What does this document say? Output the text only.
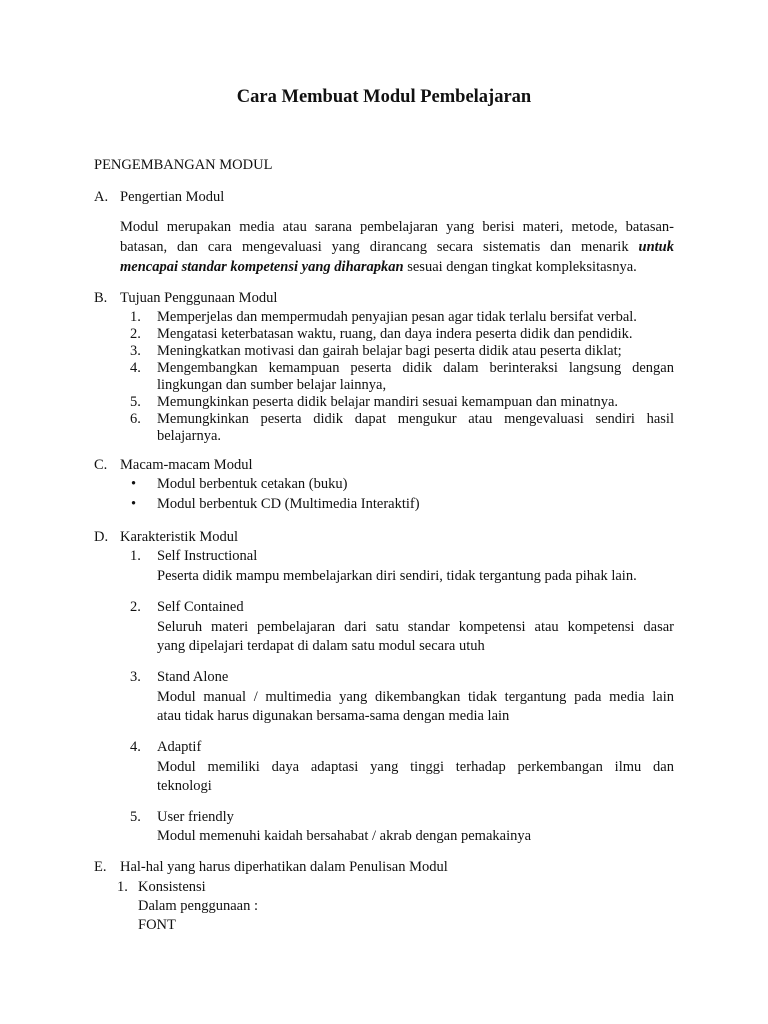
Cara Membuat Modul Pembelajaran
PENGEMBANGAN MODUL
A. Pengertian Modul
Modul merupakan media atau sarana pembelajaran yang berisi materi, metode, batasan-
batasan, dan cara mengevaluasi yang dirancang secara sistematis dan menarik untuk
mencapai standar kompetensi yang diharapkan sesuai dengan tingkat kompleksitasnya.
B. Tujuan Penggunaan Modul
1. Memperjelas dan mempermudah penyajian pesan agar tidak terlalu bersifat verbal.
2. Mengatasi keterbatasan waktu, ruang, dan daya indera peserta didik dan pendidik.
3. Meningkatkan motivasi dan gairah belajar bagi peserta didik atau peserta diklat;
4. Mengembangkan kemampuan peserta didik dalam berinteraksi langsung dengan
lingkungan dan sumber belajar lainnya,
5. Memungkinkan peserta didik belajar mandiri sesuai kemampuan dan minatnya.
6. Memungkinkan peserta didik dapat mengukur atau mengevaluasi sendiri hasil
belajarnya.
C. Macam-macam Modul
• Modul berbentuk cetakan (buku)
• Modul berbentuk CD (Multimedia Interaktif)
D. Karakteristik Modul
1. Self Instructional
Peserta didik mampu membelajarkan diri sendiri, tidak tergantung pada pihak lain.
2. Self Contained
Seluruh materi pembelajaran dari satu standar kompetensi atau kompetensi dasar
yang dipelajari terdapat di dalam satu modul secara utuh
3. Stand Alone
Modul manual / multimedia yang dikembangkan tidak tergantung pada media lain
atau tidak harus digunakan bersama-sama dengan media lain
4. Adaptif
Modul memiliki daya adaptasi yang tinggi terhadap perkembangan ilmu dan
teknologi
5. User friendly
Modul memenuhi kaidah bersahabat / akrab dengan pemakainya
E. Hal-hal yang harus diperhatikan dalam Penulisan Modul
1. Konsistensi
Dalam penggunaan :
FONT
